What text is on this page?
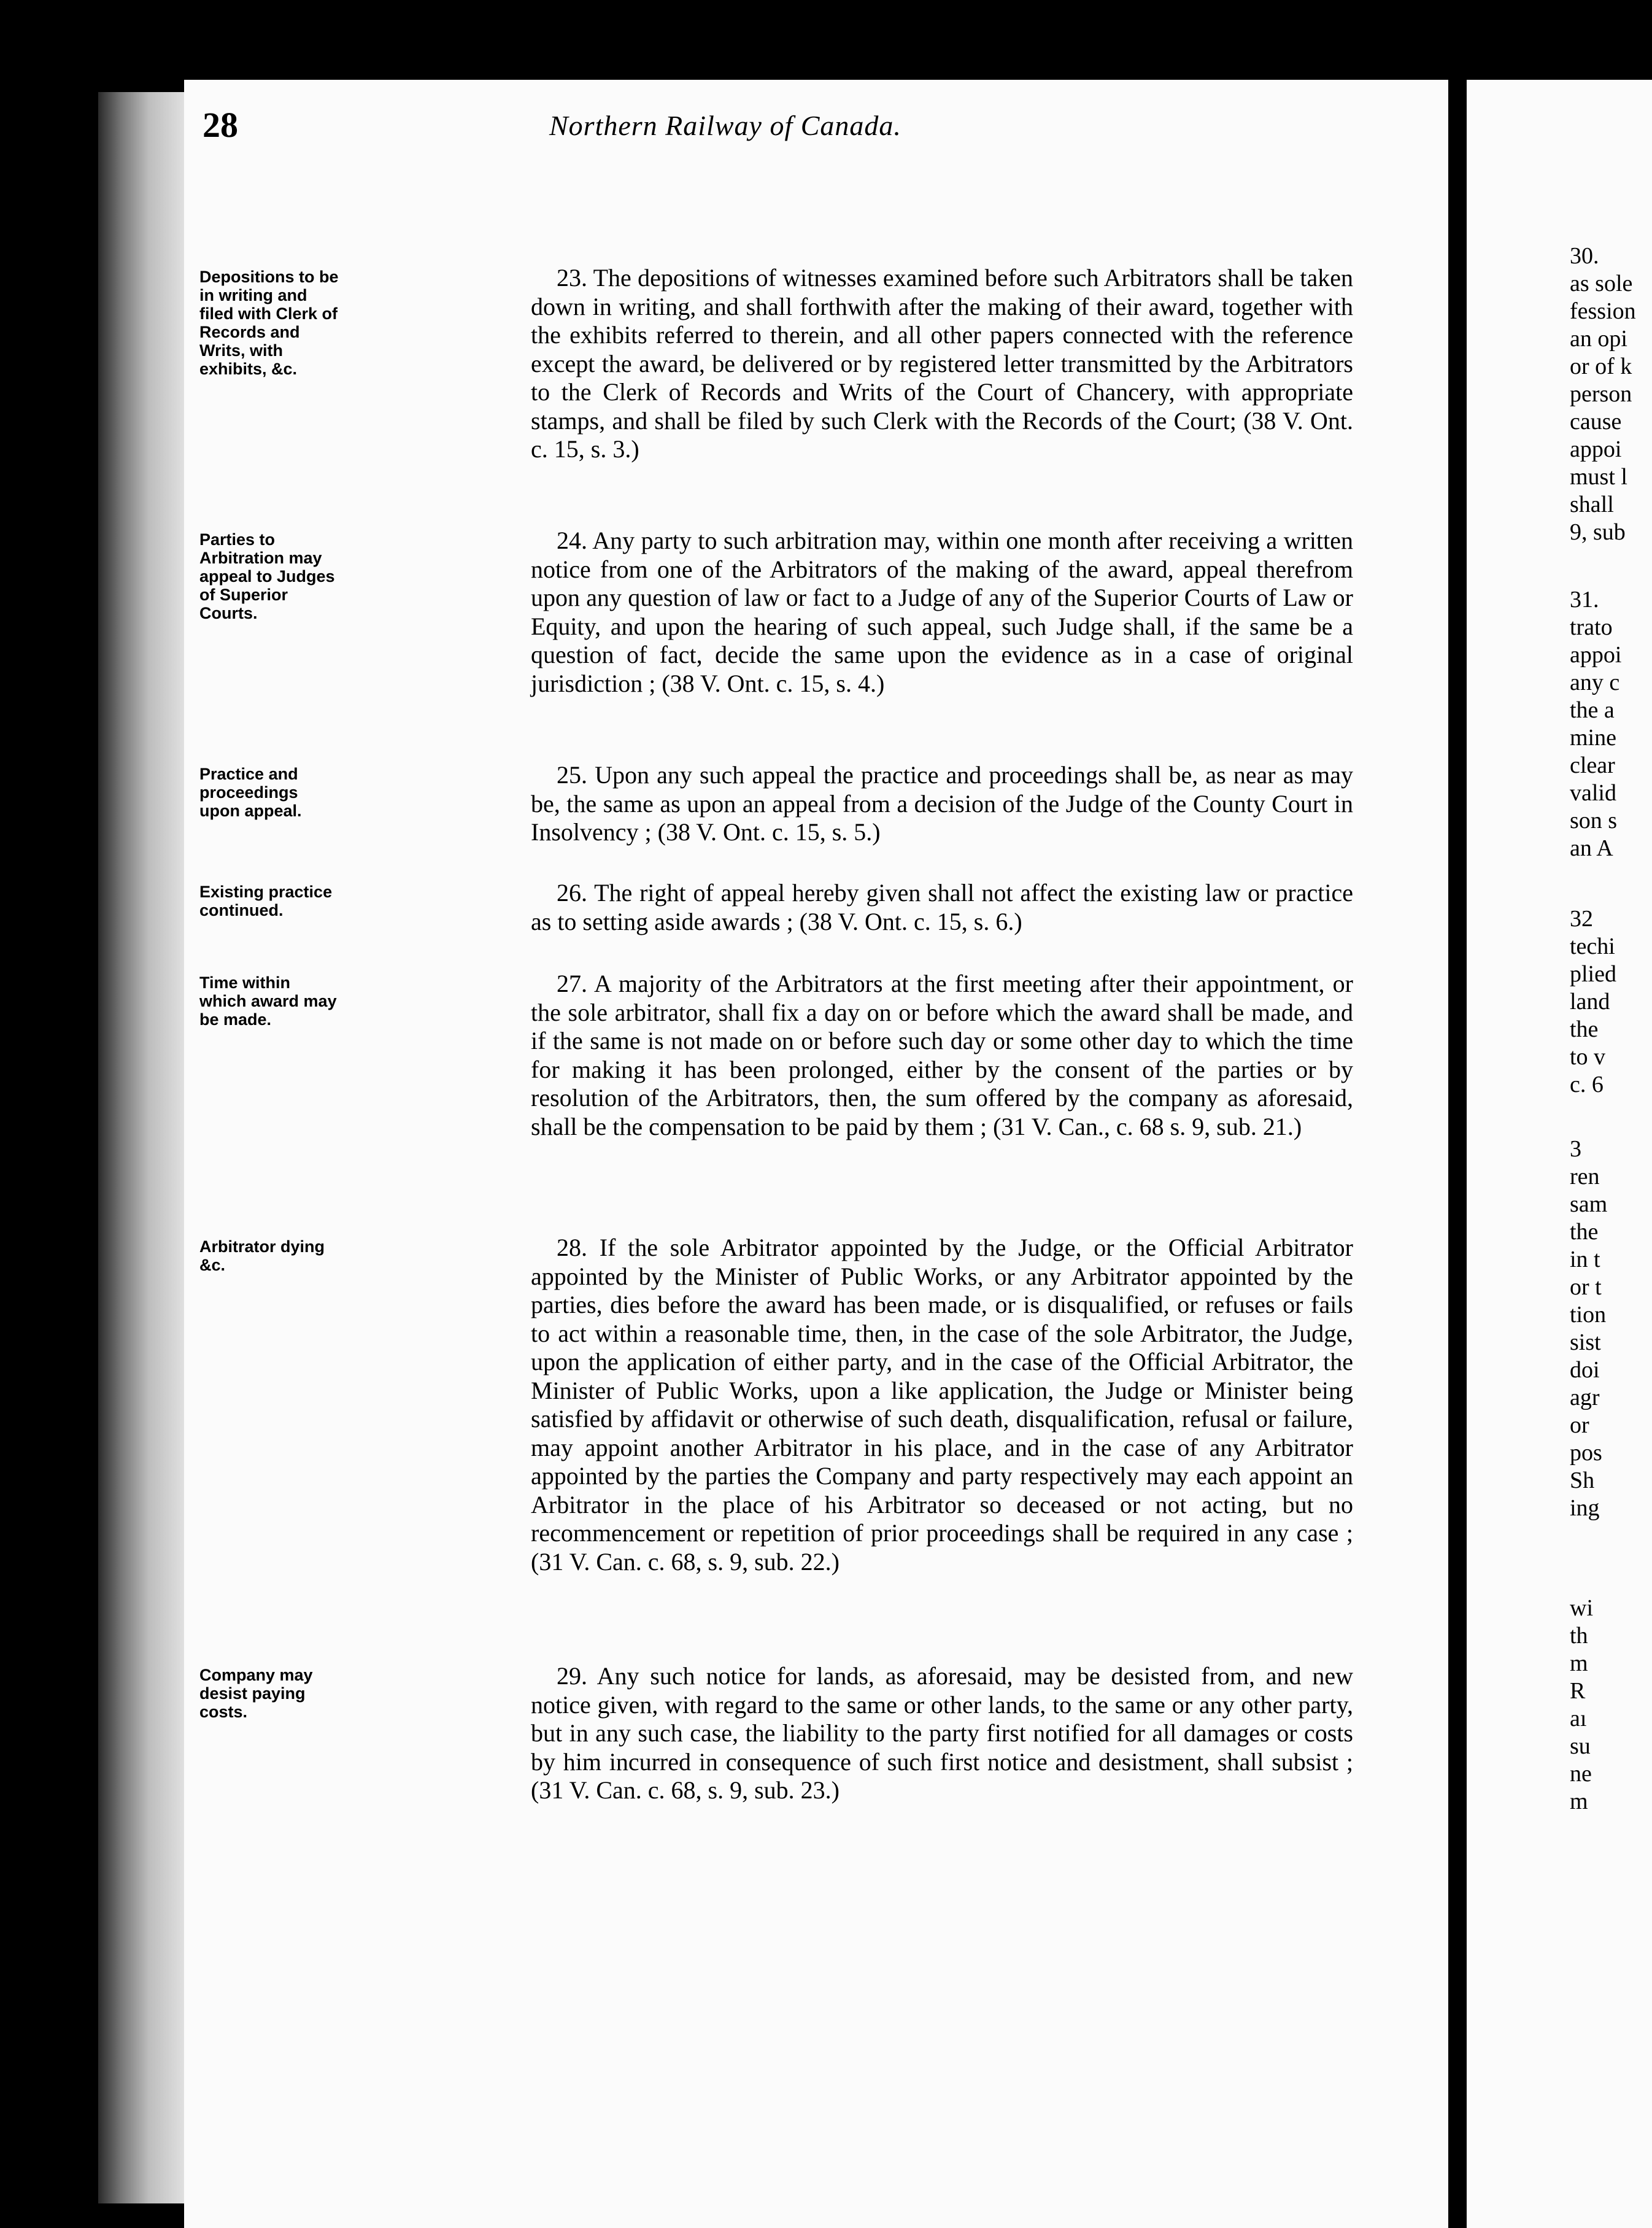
28	Northern Railway of Canada.
Depositions to be in writing and filed with Clerk of Records and Writs, with exhibits, &c.
23. The depositions of witnesses examined before such Arbitrators shall be taken down in writing, and shall forthwith after the making of their award, together with the exhibits referred to therein, and all other papers connected with the reference except the award, be delivered or by registered letter transmitted by the Arbitrators to the Clerk of Records and Writs of the Court of Chancery, with appropriate stamps, and shall be filed by such Clerk with the Records of the Court; (38 V. Ont. c. 15, s. 3.)
Parties to Arbitration may appeal to Judges of Superior Courts.
24. Any party to such arbitration may, within one month after receiving a written notice from one of the Arbitrators of the making of the award, appeal therefrom upon any question of law or fact to a Judge of any of the Superior Courts of Law or Equity, and upon the hearing of such appeal, such Judge shall, if the same be a question of fact, decide the same upon the evidence as in a case of original jurisdiction ; (38 V. Ont. c. 15, s. 4.)
Practice and proceedings upon appeal.
25. Upon any such appeal the practice and proceedings shall be, as near as may be, the same as upon an appeal from a decision of the Judge of the County Court in Insolvency ; (38 V. Ont. c. 15, s. 5.)
Existing practice continued.
26. The right of appeal hereby given shall not affect the existing law or practice as to setting aside awards ; (38 V. Ont. c. 15, s. 6.)
Time within which award may be made.
27. A majority of the Arbitrators at the first meeting after their appointment, or the sole arbitrator, shall fix a day on or before which the award shall be made, and if the same is not made on or before such day or some other day to which the time for making it has been prolonged, either by the consent of the parties or by resolution of the Arbitrators, then, the sum offered by the company as aforesaid, shall be the compensation to be paid by them ; (31 V. Can., c. 68 s. 9, sub. 21.)
Arbitrator dying &c.
28. If the sole Arbitrator appointed by the Judge, or the Official Arbitrator appointed by the Minister of Public Works, or any Arbitrator appointed by the parties, dies before the award has been made, or is disqualified, or refuses or fails to act within a reasonable time, then, in the case of the sole Arbitrator, the Judge, upon the application of either party, and in the case of the Official Arbitrator, the Minister of Public Works, upon a like application, the Judge or Minister being satisfied by affidavit or otherwise of such death, disqualification, refusal or failure, may appoint another Arbitrator in his place, and in the case of any Arbitrator appointed by the parties the Company and party respectively may each appoint an Arbitrator in the place of his Arbitrator so deceased or not acting, but no recommencement or repetition of prior proceedings shall be required in any case ; (31 V. Can. c. 68, s. 9, sub. 22.)
Company may desist paying costs.
29. Any such notice for lands, as aforesaid, may be desisted from, and new notice given, with regard to the same or other lands, to the same or any other party, but in any such case, the liability to the party first notified for all damages or costs by him incurred in consequence of such first notice and desistment, shall subsist ; (31 V. Can. c. 68, s. 9, sub. 23.)
30.
as sole
fession
an opi
or of k
person
cause
appoi
must l
shall
9, sub
31.
trato
appoi
any c
the a
mine
clear
valid
son s
an A
32
techi
plied
land
the
to v
c. 6
3
ren
sam
the
in t
or t
tion
sist
doi
agr
or
pos
Sh
ing
wi
th
m
R
aı
su
ne
m
